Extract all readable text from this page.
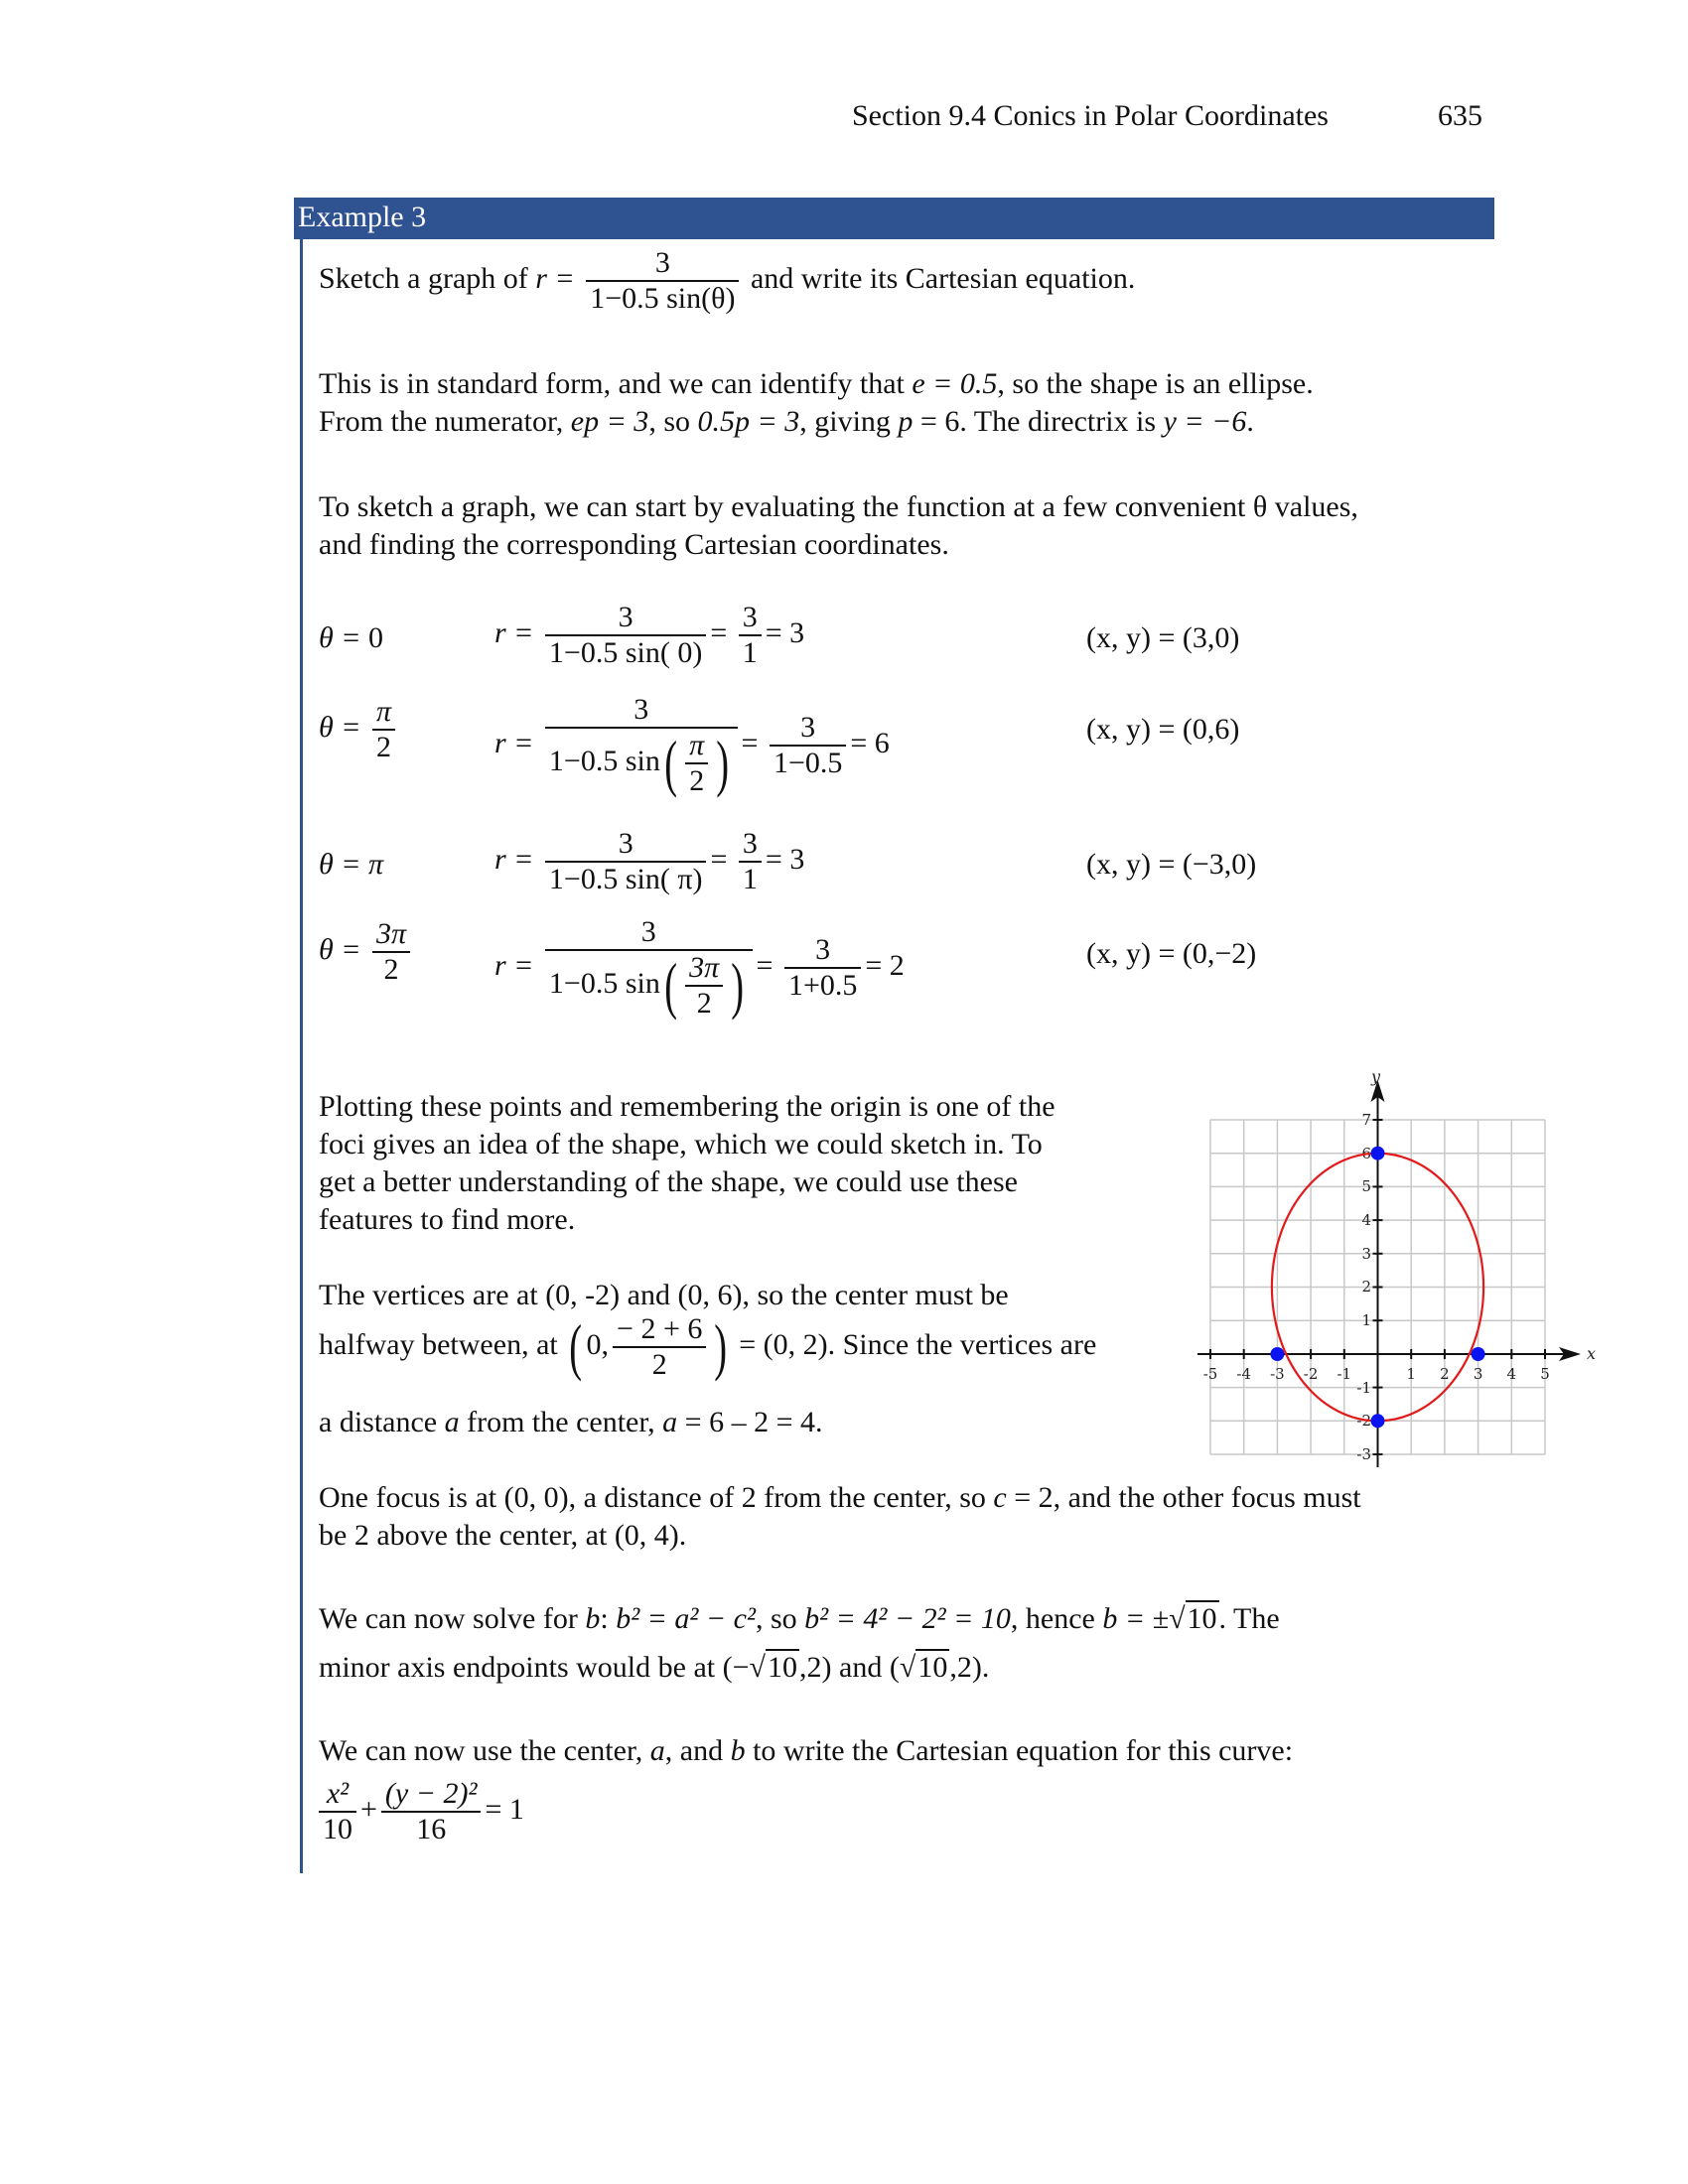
Section 9.4 Conics in Polar Coordinates	635
Example 3
Sketch a graph of $r = \frac{3}{1-0.5 \sin(\theta)}$ and write its Cartesian equation.
This is in standard form, and we can identify that e = 0.5, so the shape is an ellipse.
From the numerator, ep = 3, so 0.5p = 3, giving p = 6. The directrix is y = −6.
To sketch a graph, we can start by evaluating the function at a few convenient θ values,
and finding the corresponding Cartesian coordinates.
θ = 0	$r = \frac{3}{1-0.5 \sin( 0)} = \frac{3}{1} = 3$	(x, y) = (3,0)
$\theta = \frac{\pi}{2}$	$r = \frac{3}{1-0.5 \sin( \frac{\pi}{2} )} = \frac{3}{1-0.5} = 6$	(x, y) = (0,6)
θ = π	$r = \frac{3}{1-0.5 \sin( \pi)} = \frac{3}{1} = 3$	(x, y) = (−3,0)
$\theta = \frac{3\pi}{2}$	$r = \frac{3}{1-0.5 \sin( \frac{3\pi}{2} )} = \frac{3}{1+0.5} = 2$	(x, y) = (0,−2)
Plotting these points and remembering the origin is one of the
foci gives an idea of the shape, which we could sketch in. To
get a better understanding of the shape, we could use these
features to find more.
The vertices are at (0, -2) and (0, 6), so the center must be
halfway between, at ( 0, $\frac{- 2 + 6}{2}$ ) = (0, 2). Since the vertices are
a distance a from the center, a = 6 – 2 = 4.
-5 -4 -3 -2 -1	1 2 3 4 5
7
6
5
4
3
2
1
-1
-2
-3
x
y
One focus is at (0, 0), a distance of 2 from the center, so c = 2, and the other focus must
be 2 above the center, at (0, 4).
We can now solve for b: b² = a² − c², so b² = 4² − 2² = 10, hence b = ±√10. The
minor axis endpoints would be at (−√10,2) and (√10,2).
We can now use the center, a, and b to write the Cartesian equation for this curve:
$\frac{\text{x²}}{10} + \frac{\text{(y − 2)²}}{16} = 1$
